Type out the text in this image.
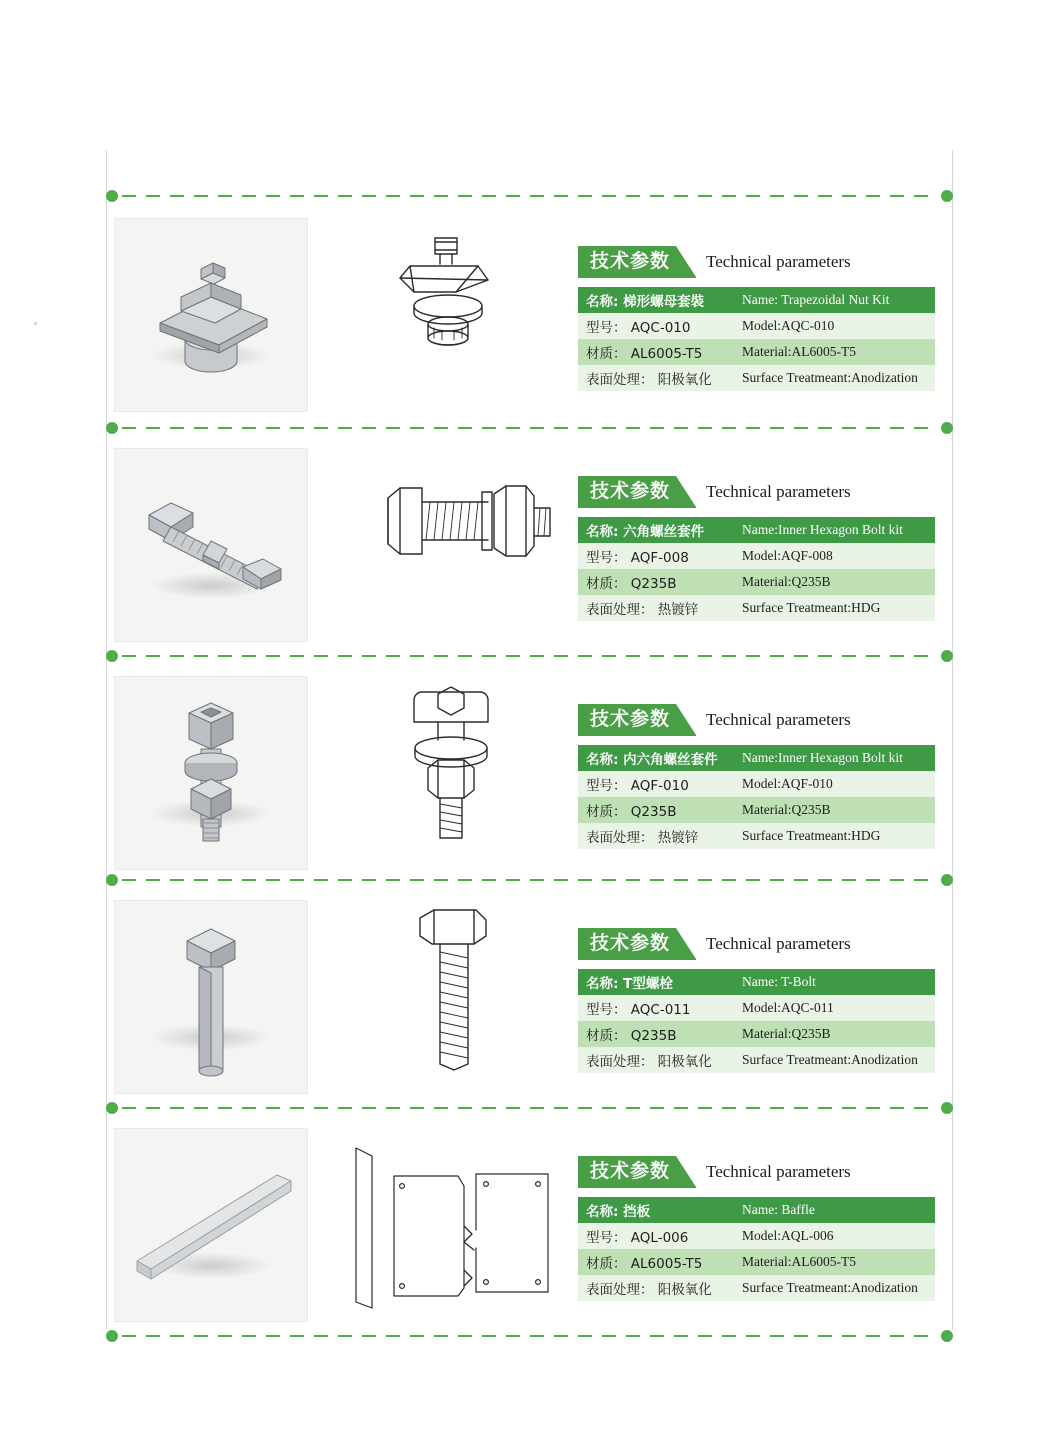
技术参数	Technical parameters
名称: 梯形螺母套裝	Name: Trapezoidal Nut Kit
型号： AQC-010	Model:AQC-010
材质： AL6005-T5	Material:AL6005-T5
表面处理： 阳极氧化	Surface Treatmeant:Anodization
技术参数	Technical parameters
名称: 六角螺丝套件	Name:Inner Hexagon Bolt kit
型号： AQF-008	Model:AQF-008
材质： Q235B	Material:Q235B
表面处理： 热镀锌	Surface Treatmeant:HDG
技术参数	Technical parameters
名称: 内六角螺丝套件	Name:Inner Hexagon Bolt kit
型号： AQF-010	Model:AQF-010
材质： Q235B	Material:Q235B
表面处理： 热镀锌	Surface Treatmeant:HDG
技术参数	Technical parameters
名称: T型螺栓	Name: T-Bolt
型号： AQC-011	Model:AQC-011
材质： Q235B	Material:Q235B
表面处理： 阳极氧化	Surface Treatmeant:Anodization
技术参数	Technical parameters
名称: 挡板	Name: Baffle
型号： AQL-006	Model:AQL-006
材质： AL6005-T5	Material:AL6005-T5
表面处理： 阳极氧化	Surface Treatmeant:Anodization
